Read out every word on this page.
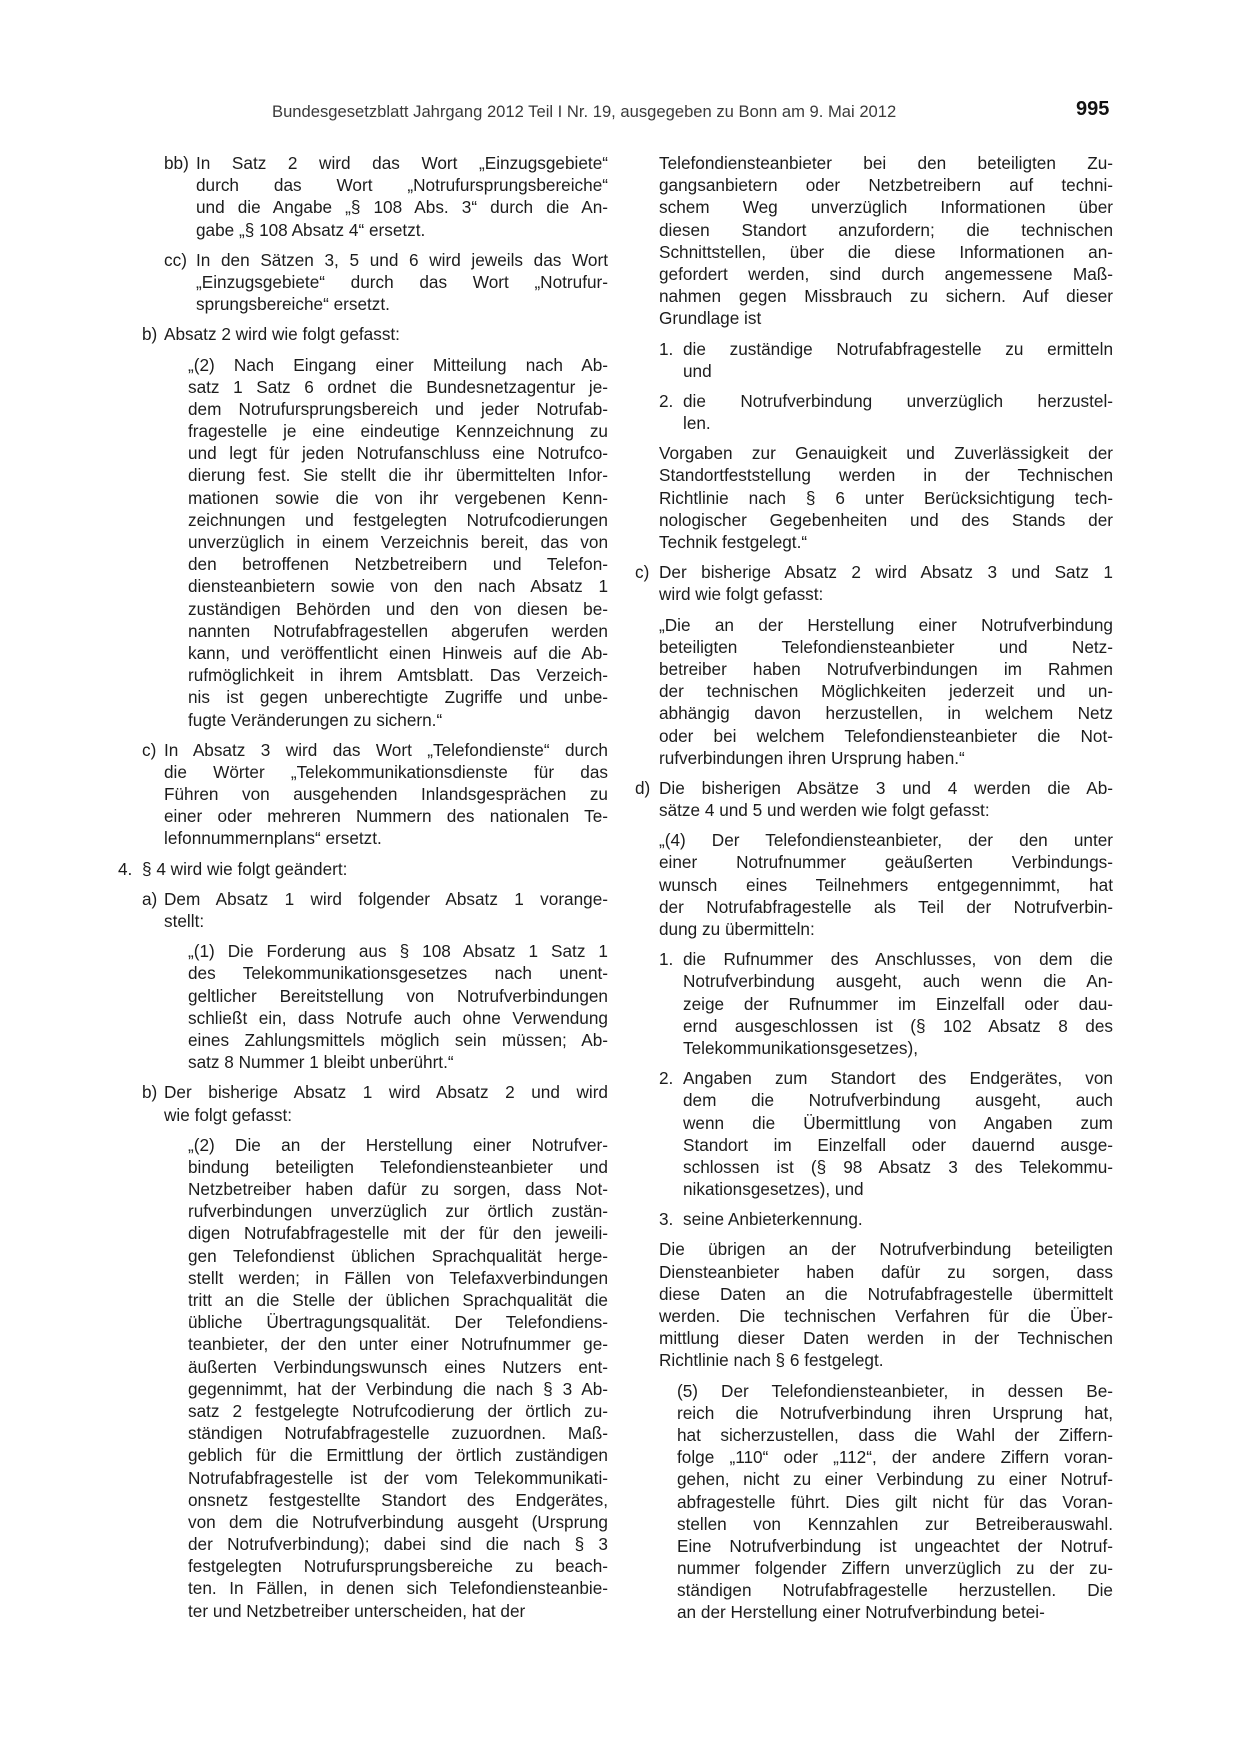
Bundesgesetzblatt Jahrgang 2012 Teil I Nr. 19, ausgegeben zu Bonn am 9. Mai 2012	995
bb) In Satz 2 wird das Wort „Einzugsgebiete“
durch das Wort „Notrufursprungsbereiche“
und die Angabe „§ 108 Abs. 3“ durch die An-
gabe „§ 108 Absatz 4“ ersetzt.
cc) In den Sätzen 3, 5 und 6 wird jeweils das Wort
„Einzugsgebiete“ durch das Wort „Notrufur-
sprungsbereiche“ ersetzt.
b) Absatz 2 wird wie folgt gefasst:
„(2) Nach Eingang einer Mitteilung nach Ab-
satz 1 Satz 6 ordnet die Bundesnetzagentur je-
dem Notrufursprungsbereich und jeder Notrufab-
fragestelle je eine eindeutige Kennzeichnung zu
und legt für jeden Notrufanschluss eine Notrufco-
dierung fest. Sie stellt die ihr übermittelten Infor-
mationen sowie die von ihr vergebenen Kenn-
zeichnungen und festgelegten Notrufcodierungen
unverzüglich in einem Verzeichnis bereit, das von
den betroffenen Netzbetreibern und Telefon-
diensteanbietern sowie von den nach Absatz 1
zuständigen Behörden und den von diesen be-
nannten Notrufabfragestellen abgerufen werden
kann, und veröffentlicht einen Hinweis auf die Ab-
rufmöglichkeit in ihrem Amtsblatt. Das Verzeich-
nis ist gegen unberechtigte Zugriffe und unbe-
fugte Veränderungen zu sichern.“
c) In Absatz 3 wird das Wort „Telefondienste“ durch
die Wörter „Telekommunikationsdienste für das
Führen von ausgehenden Inlandsgesprächen zu
einer oder mehreren Nummern des nationalen Te-
lefonnummernplans“ ersetzt.
4. § 4 wird wie folgt geändert:
a) Dem Absatz 1 wird folgender Absatz 1 vorange-
stellt:
„(1) Die Forderung aus § 108 Absatz 1 Satz 1
des Telekommunikationsgesetzes nach unent-
geltlicher Bereitstellung von Notrufverbindungen
schließt ein, dass Notrufe auch ohne Verwendung
eines Zahlungsmittels möglich sein müssen; Ab-
satz 8 Nummer 1 bleibt unberührt.“
b) Der bisherige Absatz 1 wird Absatz 2 und wird
wie folgt gefasst:
„(2) Die an der Herstellung einer Notrufver-
bindung beteiligten Telefondiensteanbieter und
Netzbetreiber haben dafür zu sorgen, dass Not-
rufverbindungen unverzüglich zur örtlich zustän-
digen Notrufabfragestelle mit der für den jeweili-
gen Telefondienst üblichen Sprachqualität herge-
stellt werden; in Fällen von Telefaxverbindungen
tritt an die Stelle der üblichen Sprachqualität die
übliche Übertragungsqualität. Der Telefondiens-
teanbieter, der den unter einer Notrufnummer ge-
äußerten Verbindungswunsch eines Nutzers ent-
gegennimmt, hat der Verbindung die nach § 3 Ab-
satz 2 festgelegte Notrufcodierung der örtlich zu-
ständigen Notrufabfragestelle zuzuordnen. Maß-
geblich für die Ermittlung der örtlich zuständigen
Notrufabfragestelle ist der vom Telekommunikati-
onsnetz festgestellte Standort des Endgerätes,
von dem die Notrufverbindung ausgeht (Ursprung
der Notrufverbindung); dabei sind die nach § 3
festgelegten Notrufursprungsbereiche zu beach-
ten. In Fällen, in denen sich Telefondiensteanbie-
ter und Netzbetreiber unterscheiden, hat der
Telefondiensteanbieter bei den beteiligten Zu-
gangsanbietern oder Netzbetreibern auf techni-
schem Weg unverzüglich Informationen über
diesen Standort anzufordern; die technischen
Schnittstellen, über die diese Informationen an-
gefordert werden, sind durch angemessene Maß-
nahmen gegen Missbrauch zu sichern. Auf dieser
Grundlage ist
1. die zuständige Notrufabfragestelle zu ermitteln
und
2. die Notrufverbindung unverzüglich herzustel-
len.
Vorgaben zur Genauigkeit und Zuverlässigkeit der
Standortfeststellung werden in der Technischen
Richtlinie nach § 6 unter Berücksichtigung tech-
nologischer Gegebenheiten und des Stands der
Technik festgelegt.“
c) Der bisherige Absatz 2 wird Absatz 3 und Satz 1
wird wie folgt gefasst:
„Die an der Herstellung einer Notrufverbindung
beteiligten Telefondiensteanbieter und Netz-
betreiber haben Notrufverbindungen im Rahmen
der technischen Möglichkeiten jederzeit und un-
abhängig davon herzustellen, in welchem Netz
oder bei welchem Telefondiensteanbieter die Not-
rufverbindungen ihren Ursprung haben.“
d) Die bisherigen Absätze 3 und 4 werden die Ab-
sätze 4 und 5 und werden wie folgt gefasst:
„(4) Der Telefondiensteanbieter, der den unter
einer Notrufnummer geäußerten Verbindungs-
wunsch eines Teilnehmers entgegennimmt, hat
der Notrufabfragestelle als Teil der Notrufverbin-
dung zu übermitteln:
1. die Rufnummer des Anschlusses, von dem die
Notrufverbindung ausgeht, auch wenn die An-
zeige der Rufnummer im Einzelfall oder dau-
ernd ausgeschlossen ist (§ 102 Absatz 8 des
Telekommunikationsgesetzes),
2. Angaben zum Standort des Endgerätes, von
dem die Notrufverbindung ausgeht, auch
wenn die Übermittlung von Angaben zum
Standort im Einzelfall oder dauernd ausge-
schlossen ist (§ 98 Absatz 3 des Telekommu-
nikationsgesetzes), und
3. seine Anbieterkennung.
Die übrigen an der Notrufverbindung beteiligten
Diensteanbieter haben dafür zu sorgen, dass
diese Daten an die Notrufabfragestelle übermittelt
werden. Die technischen Verfahren für die Über-
mittlung dieser Daten werden in der Technischen
Richtlinie nach § 6 festgelegt.
(5) Der Telefondiensteanbieter, in dessen Be-
reich die Notrufverbindung ihren Ursprung hat,
hat sicherzustellen, dass die Wahl der Ziffern-
folge „110“ oder „112“, der andere Ziffern voran-
gehen, nicht zu einer Verbindung zu einer Notruf-
abfragestelle führt. Dies gilt nicht für das Voran-
stellen von Kennzahlen zur Betreiberauswahl.
Eine Notrufverbindung ist ungeachtet der Notruf-
nummer folgender Ziffern unverzüglich zu der zu-
ständigen Notrufabfragestelle herzustellen. Die
an der Herstellung einer Notrufverbindung betei-
